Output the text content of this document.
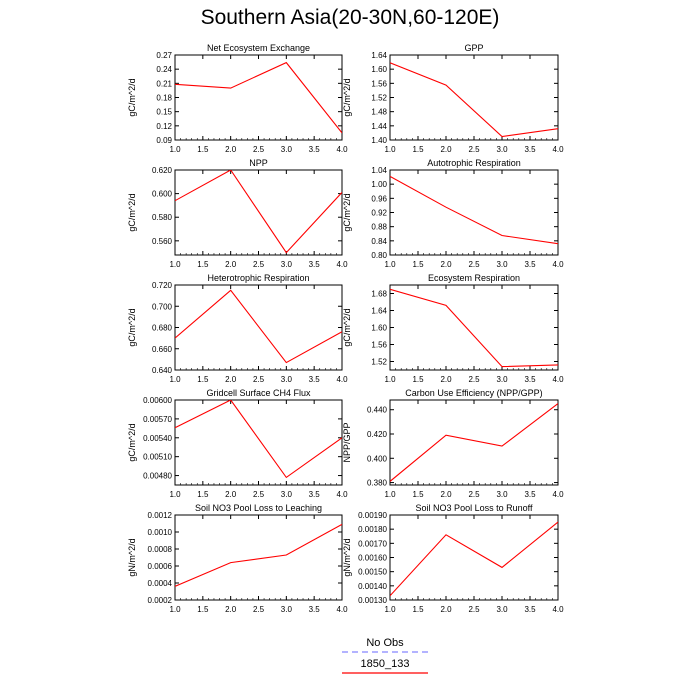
Southern Asia(20-30N,60-120E)
Net Ecosystem Exchange
gC/m^2/d
1.0 1.5 2.0 2.5 3.0 3.5 4.0
0.09
0.12
0.15
0.18
0.21
0.24
0.27
GPP
gC/m^2/d
1.0 1.5 2.0 2.5 3.0 3.5 4.0
1.40
1.44
1.48
1.52
1.56
1.60
1.64
NPP
gC/m^2/d
1.0 1.5 2.0 2.5 3.0 3.5 4.0
0.560
0.580
0.600
0.620
Autotrophic Respiration
gC/m^2/d
1.0 1.5 2.0 2.5 3.0 3.5 4.0
0.80
0.84
0.88
0.92
0.96
1.00
1.04
Heterotrophic Respiration
gC/m^2/d
1.0 1.5 2.0 2.5 3.0 3.5 4.0
0.640
0.660
0.680
0.700
0.720
Ecosystem Respiration
gC/m^2/d
1.0 1.5 2.0 2.5 3.0 3.5 4.0
1.52
1.56
1.60
1.64
1.68
Gridcell Surface CH4 Flux
gC/m^2/d
1.0 1.5 2.0 2.5 3.0 3.5 4.0
0.00480
0.00510
0.00540
0.00570
0.00600
Carbon Use Efficiency (NPP/GPP)
NPP/GPP
1.0 1.5 2.0 2.5 3.0 3.5 4.0
0.380
0.400
0.420
0.440
Soil NO3 Pool Loss to Leaching
gN/m^2/d
1.0 1.5 2.0 2.5 3.0 3.5 4.0
0.0002
0.0004
0.0006
0.0008
0.0010
0.0012
Soil NO3 Pool Loss to Runoff
gN/m^2/d
1.0 1.5 2.0 2.5 3.0 3.5 4.0
0.00130
0.00140
0.00150
0.00160
0.00170
0.00180
0.00190
No Obs
1850_133
